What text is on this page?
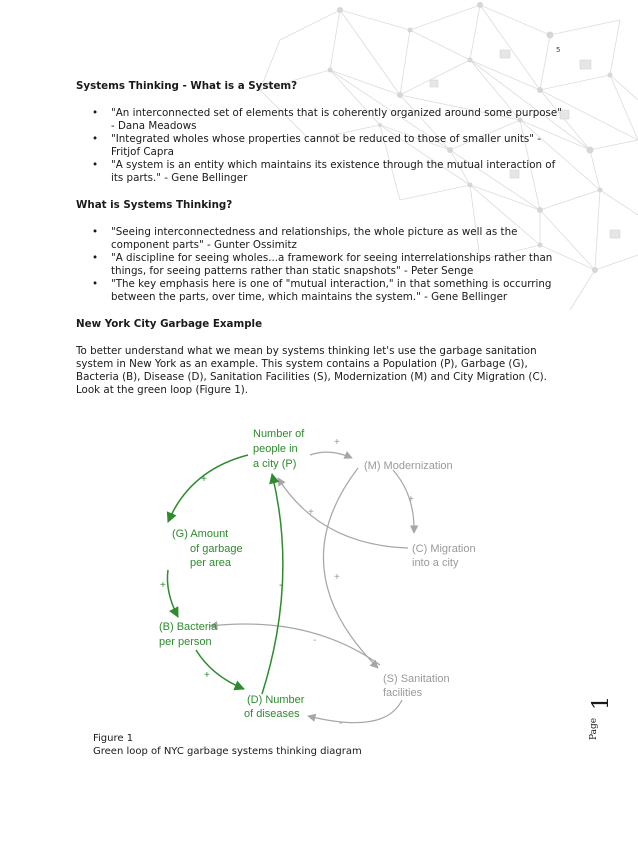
5
Systems Thinking - What is a System?
• "An interconnected set of elements that is coherently organized around some purpose" - Dana Meadows
• "Integrated wholes whose properties cannot be reduced to those of smaller units" - Fritjof Capra
• "A system is an entity which maintains its existence through the mutual interaction of its parts." - Gene Bellinger
What is Systems Thinking?
• "Seeing interconnectedness and relationships, the whole picture as well as the component parts" - Gunter Ossimitz
• "A discipline for seeing wholes...a framework for seeing interrelationships rather than things, for seeing patterns rather than static snapshots" - Peter Senge
• "The key emphasis here is one of "mutual interaction," in that something is occurring between the parts, over time, which maintains the system." - Gene Bellinger
New York City Garbage Example

To better understand what we mean by systems thinking let's use the garbage sanitation system in New York as an example. This system contains a Population (P), Garbage (G), Bacteria (B), Disease (D), Sanitation Facilities (S), Modernization (M) and City Migration (C). Look at the green loop (Figure 1).

Number of people in a city (P)
(G) Amount of garbage per area
(B) Bacteria per person
(D) Number of diseases
(M) Modernization
(C) Migration into a city
(S) Sanitation facilities
+
+
+
-
+
+
+
+
-
-
Figure 1
Green loop of NYC garbage systems thinking diagram
1
Page
